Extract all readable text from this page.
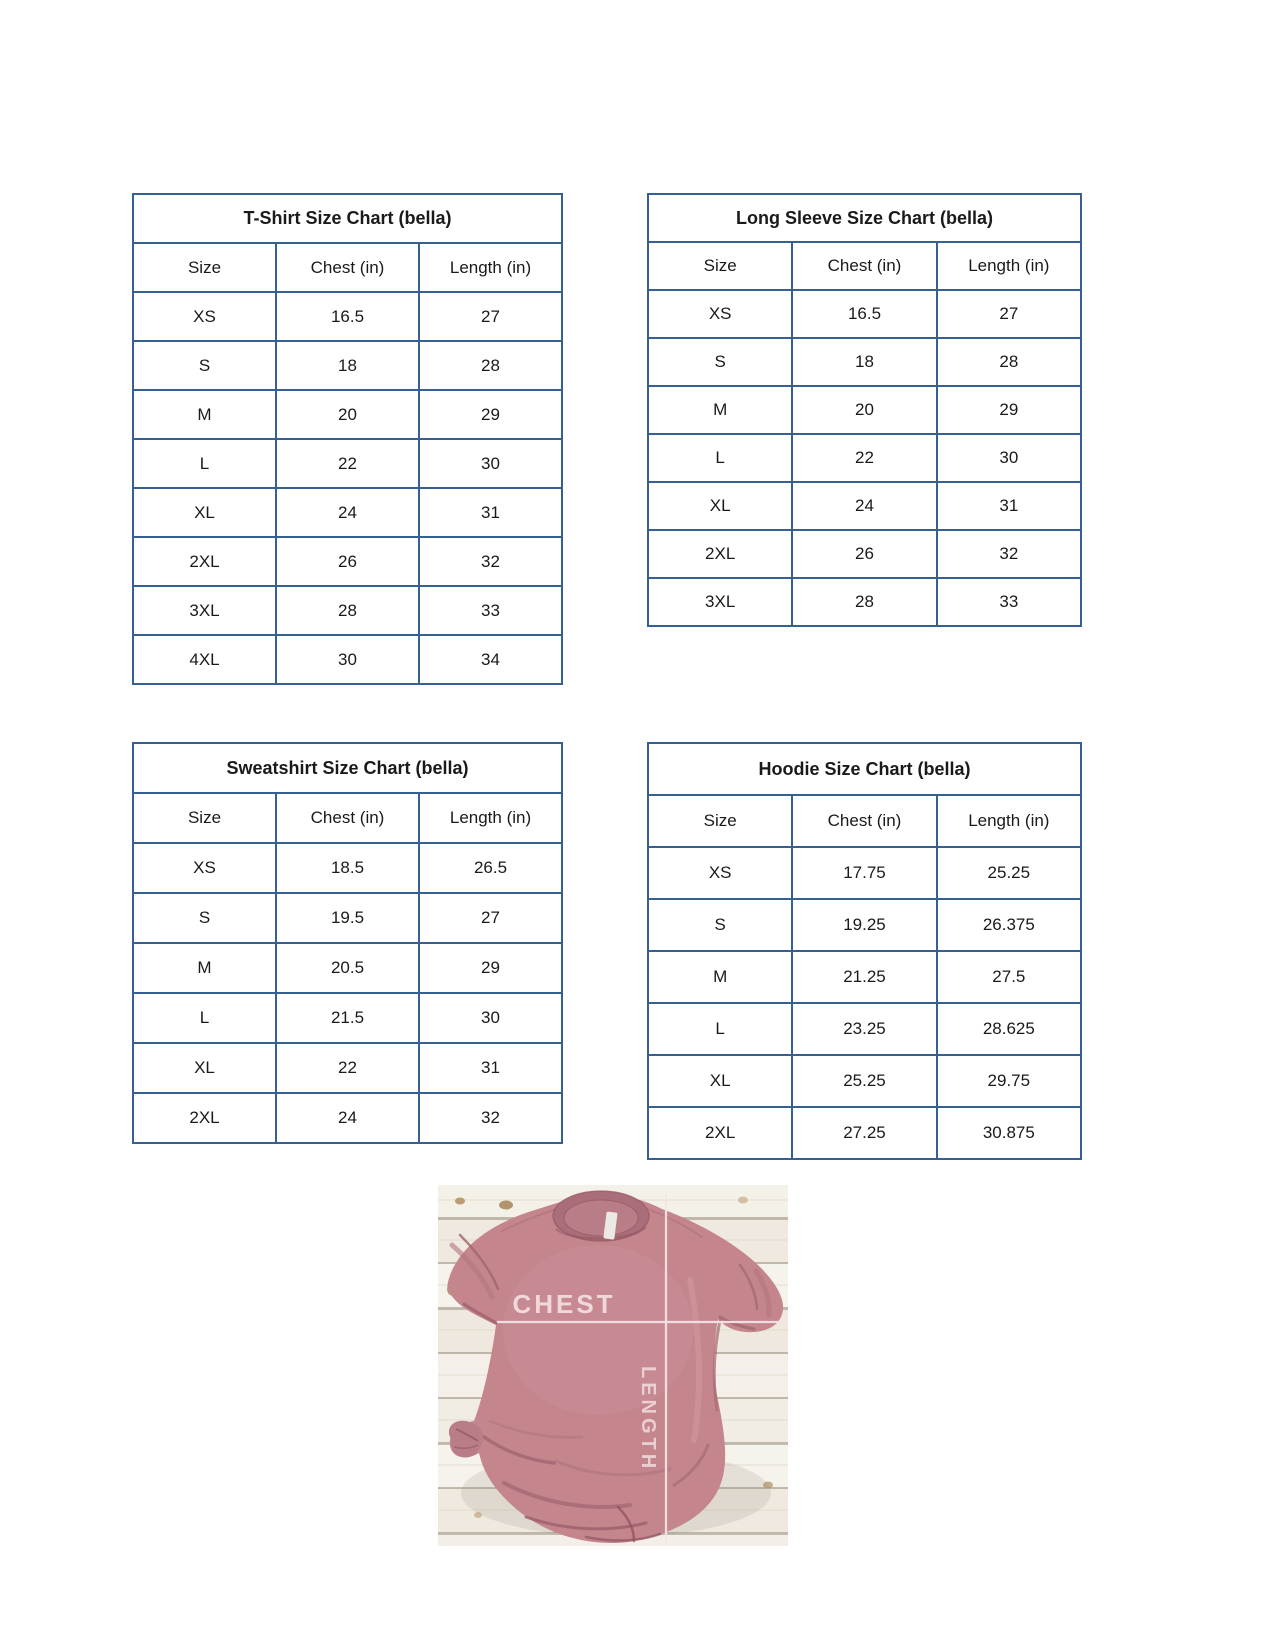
T-Shirt Size Chart (bella)		
Size	Chest (in)	Length (in)
XS	16.5	27
S	18	28
M	20	29
L	22	30
XL	24	31
2XL	26	32
3XL	28	33
4XL	30	34
Long Sleeve Size Chart (bella)		
Size	Chest (in)	Length (in)
XS	16.5	27
S	18	28
M	20	29
L	22	30
XL	24	31
2XL	26	32
3XL	28	33
Sweatshirt Size Chart (bella)		
Size	Chest (in)	Length (in)
XS	18.5	26.5
S	19.5	27
M	20.5	29
L	21.5	30
XL	22	31
2XL	24	32
Hoodie Size Chart (bella)		
Size	Chest (in)	Length (in)
XS	17.75	25.25
S	19.25	26.375
M	21.25	27.5
L	23.25	28.625
XL	25.25	29.75
2XL	27.25	30.875
CHEST
LENGTH
